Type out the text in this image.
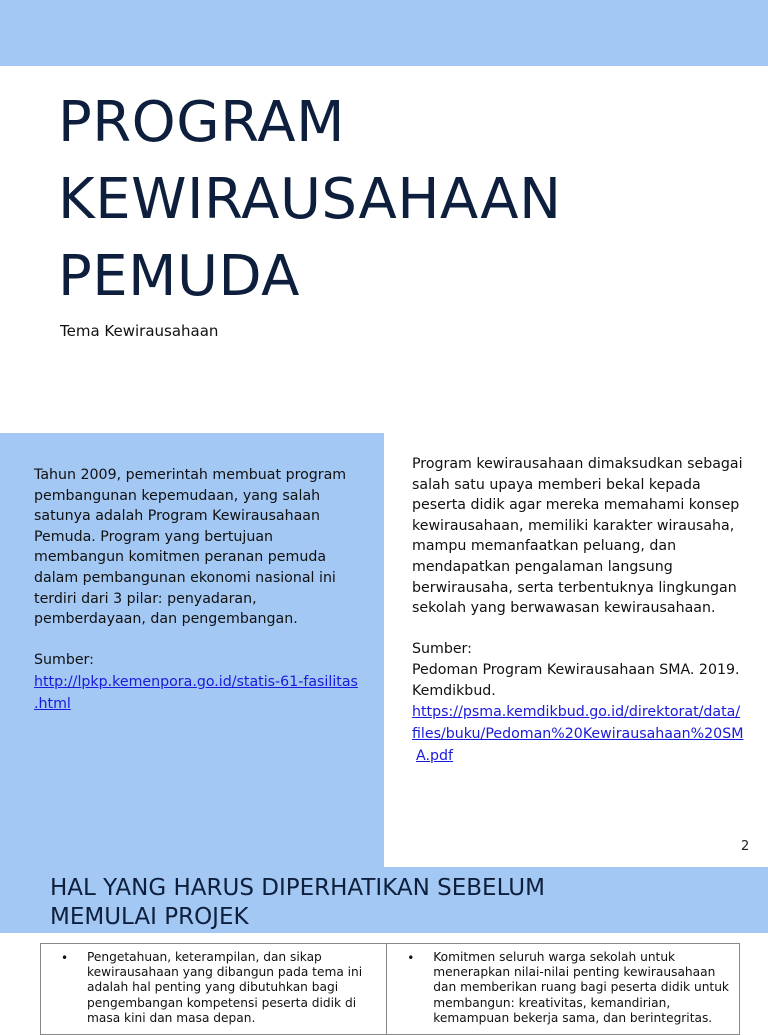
PROGRAM
KEWIRAUSAHAAN
PEMUDA
Tema Kewirausahaan

Tahun 2009, pemerintah membuat program pembangunan kepemudaan, yang salah satunya adalah Program Kewirausahaan Pemuda. Program yang bertujuan membangun komitmen peranan pemuda dalam pembangunan ekonomi nasional ini terdiri dari 3 pilar: penyadaran, pemberdayaan, dan pengembangan.

Sumber:

http://lpkp.kemenpora.go.id/statis-61-fasilitas
.html

Program kewirausahaan dimaksudkan sebagai salah satu upaya memberi bekal kepada peserta didik agar mereka memahami konsep kewirausahaan, memiliki karakter wirausaha, mampu memanfaatkan peluang, dan mendapatkan pengalaman langsung berwirausaha, serta terbentuknya lingkungan sekolah yang berwawasan kewirausahaan.

Sumber:

Pedoman Program Kewirausahaan SMA. 2019. Kemdikbud.

https://psma.kemdikbud.go.id/direktorat/data/
files/buku/Pedoman%20Kewirausahaan%20SM
A.pdf
2
HAL YANG HARUS DIPERHATIKAN SEBELUM
MEMULAI PROJEK
• Pengetahuan, keterampilan, dan sikap
kewirausahaan yang dibangun pada tema ini
adalah hal penting yang dibutuhkan bagi
pengembangan kompetensi peserta didik di
masa kini dan masa depan.
• Komitmen seluruh warga sekolah untuk
menerapkan nilai-nilai penting kewirausahaan
dan memberikan ruang bagi peserta didik untuk
membangun: kreativitas, kemandirian,
kemampuan bekerja sama, dan berintegritas.
